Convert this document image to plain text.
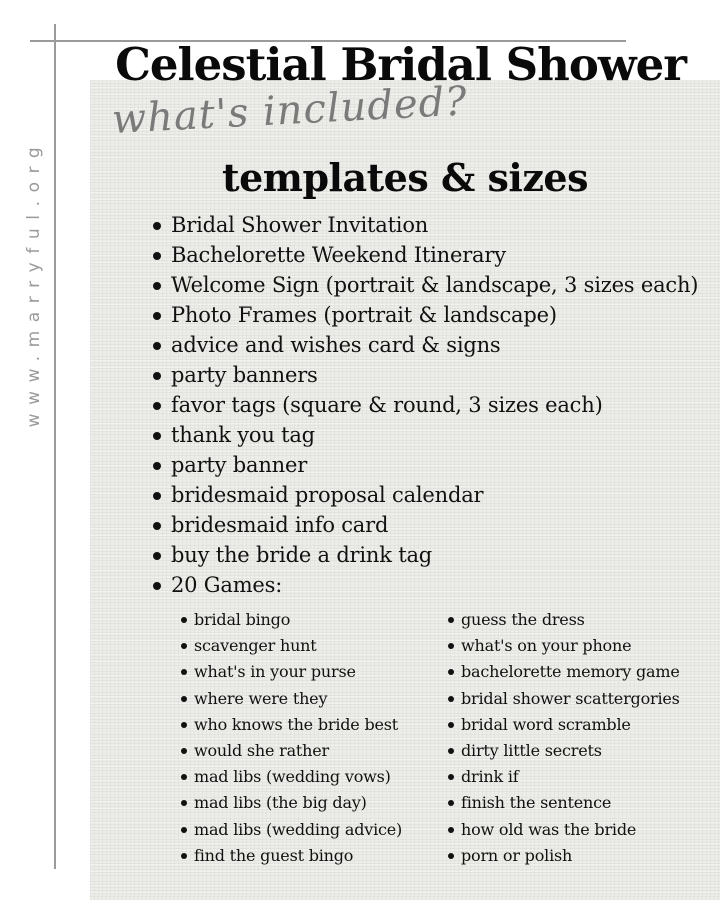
www.marryful.org
Celestial Bridal Shower
what's included?
templates & sizes
Bridal Shower Invitation
Bachelorette Weekend Itinerary
Welcome Sign (portrait & landscape, 3 sizes each)
Photo Frames (portrait & landscape)
advice and wishes card & signs
party banners
favor tags (square & round, 3 sizes each)
thank you tag
party banner
bridesmaid proposal calendar
bridesmaid info card
buy the bride a drink tag
20 Games:
bridal bingo
scavenger hunt
what's in your purse
where were they
who knows the bride best
would she rather
mad libs (wedding vows)
mad libs (the big day)
mad libs (wedding advice)
find the guest bingo
guess the dress
what's on your phone
bachelorette memory game
bridal shower scattergories
bridal word scramble
dirty little secrets
drink if
finish the sentence
how old was the bride
porn or polish
